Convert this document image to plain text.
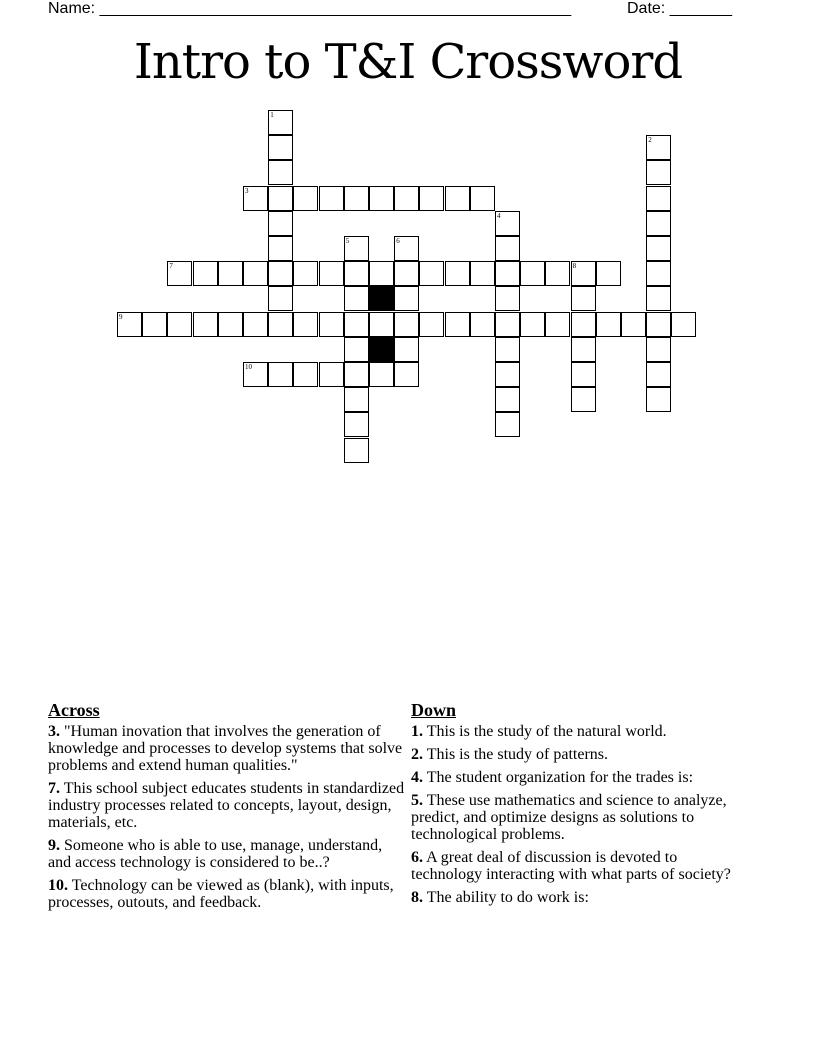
Name: _____________________________________________________	Date: _______
Intro to T&I Crossword
1
2
3
4
5	6
7	8
9
10
Across
3. "Human inovation that involves the generation of knowledge and processes to develop systems that solve problems and extend human qualities."
7. This school subject educates students in standardized industry processes related to concepts, layout, design, materials, etc.
9. Someone who is able to use, manage, understand, and access technology is considered to be..?
10. Technology can be viewed as (blank), with inputs, processes, outouts, and feedback.
Down
1. This is the study of the natural world.
2. This is the study of patterns.
4. The student organization for the trades is:
5. These use mathematics and science to analyze, predict, and optimize designs as solutions to technological problems.
6. A great deal of discussion is devoted to technology interacting with what parts of society?
8. The ability to do work is:
